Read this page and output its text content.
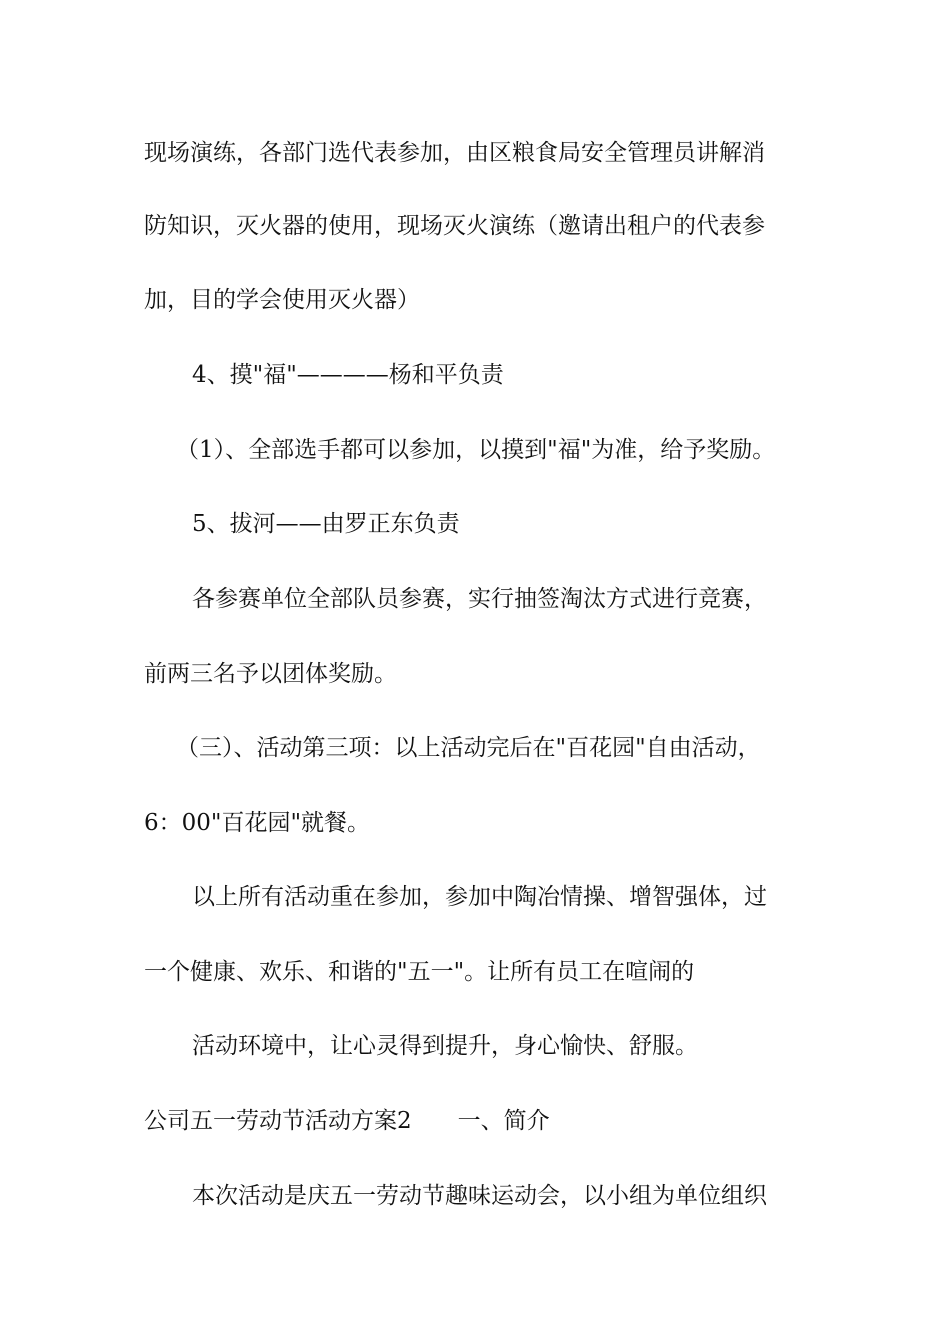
现场演练，各部门选代表参加，由区粮食局安全管理员讲解消
防知识，灭火器的使用，现场灭火演练（邀请出租户的代表参
加，目的学会使用灭火器）
4、摸"福"————杨和平负责
（1）、全部选手都可以参加，以摸到"福"为准，给予奖励。
5、拔河——由罗正东负责
各参赛单位全部队员参赛，实行抽签淘汰方式进行竞赛，
前两三名予以团体奖励。
（三）、活动第三项：以上活动完后在"百花园"自由活动，
6：00"百花园"就餐。
以上所有活动重在参加，参加中陶冶情操、增智强体，过
一个健康、欢乐、和谐的"五一"。让所有员工在喧闹的
活动环境中，让心灵得到提升，身心愉快、舒服。
公司五一劳动节活动方案2　　一、简介
本次活动是庆五一劳动节趣味运动会，以小组为单位组织
